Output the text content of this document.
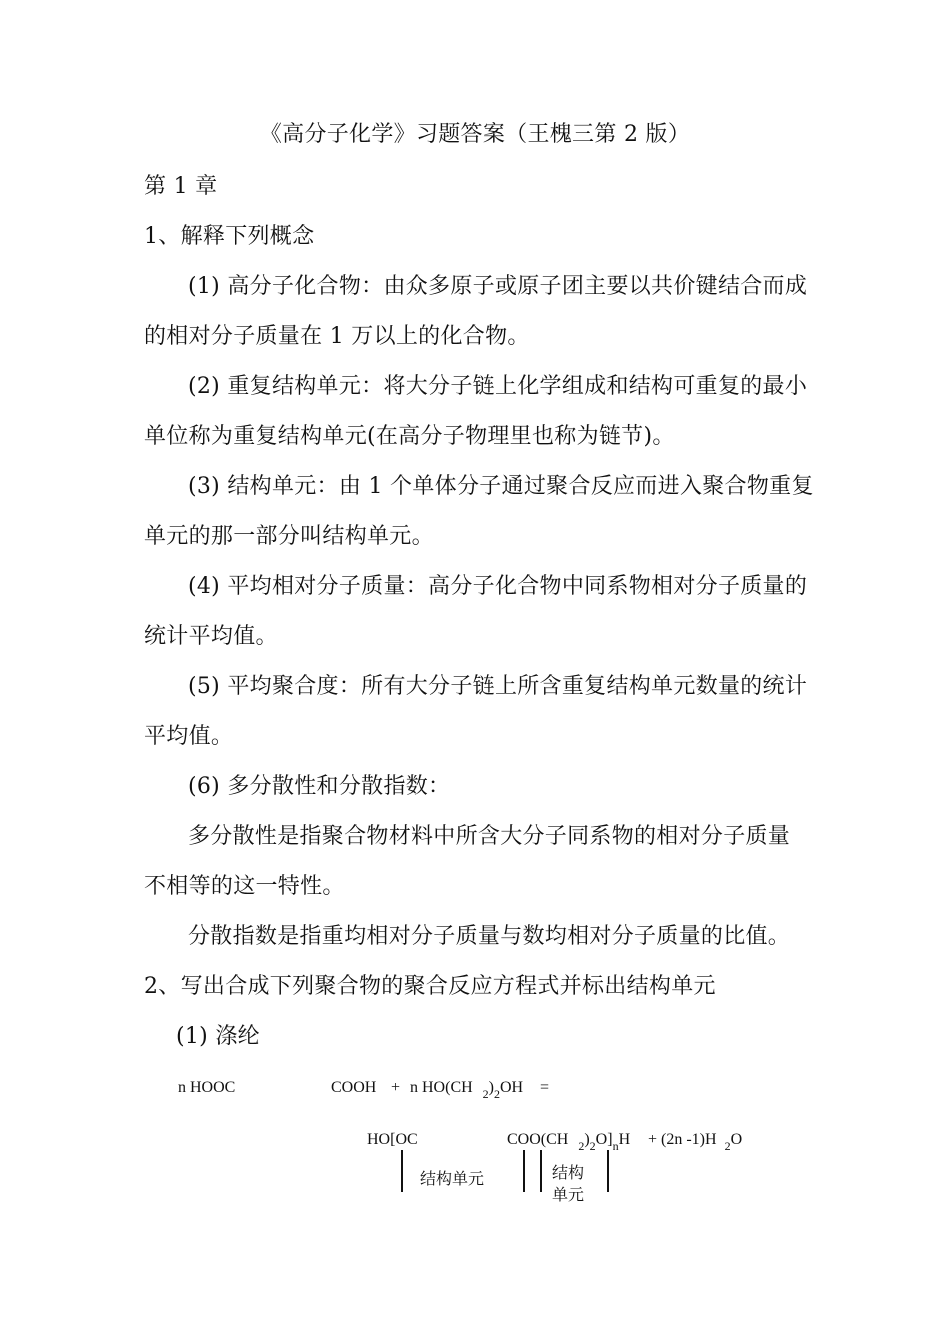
《高分子化学》习题答案（王槐三第 2 版）
第 1 章
1、解释下列概念
(1) 高分子化合物：由众多原子或原子团主要以共价键结合而成
的相对分子质量在 1 万以上的化合物。
(2) 重复结构单元：将大分子链上化学组成和结构可重复的最小
单位称为重复结构单元(在高分子物理里也称为链节)。
(3) 结构单元：由 1 个单体分子通过聚合反应而进入聚合物重复
单元的那一部分叫结构单元。
(4) 平均相对分子质量：高分子化合物中同系物相对分子质量的
统计平均值。
(5) 平均聚合度：所有大分子链上所含重复结构单元数量的统计
平均值。
(6) 多分散性和分散指数：
多分散性是指聚合物材料中所含大分子同系物的相对分子质量
不相等的这一特性。
分散指数是指重均相对分子质量与数均相对分子质量的比值。
2、写出合成下列聚合物的聚合反应方程式并标出结构单元
(1) 涤纶
n HOOC	COOH + n HO(CH $_2)_2OH$ =
HO[OC	COO(CH $_2)_2O]_nH + (2n$ -1)H $_2$O
结构单元	结构
单元
